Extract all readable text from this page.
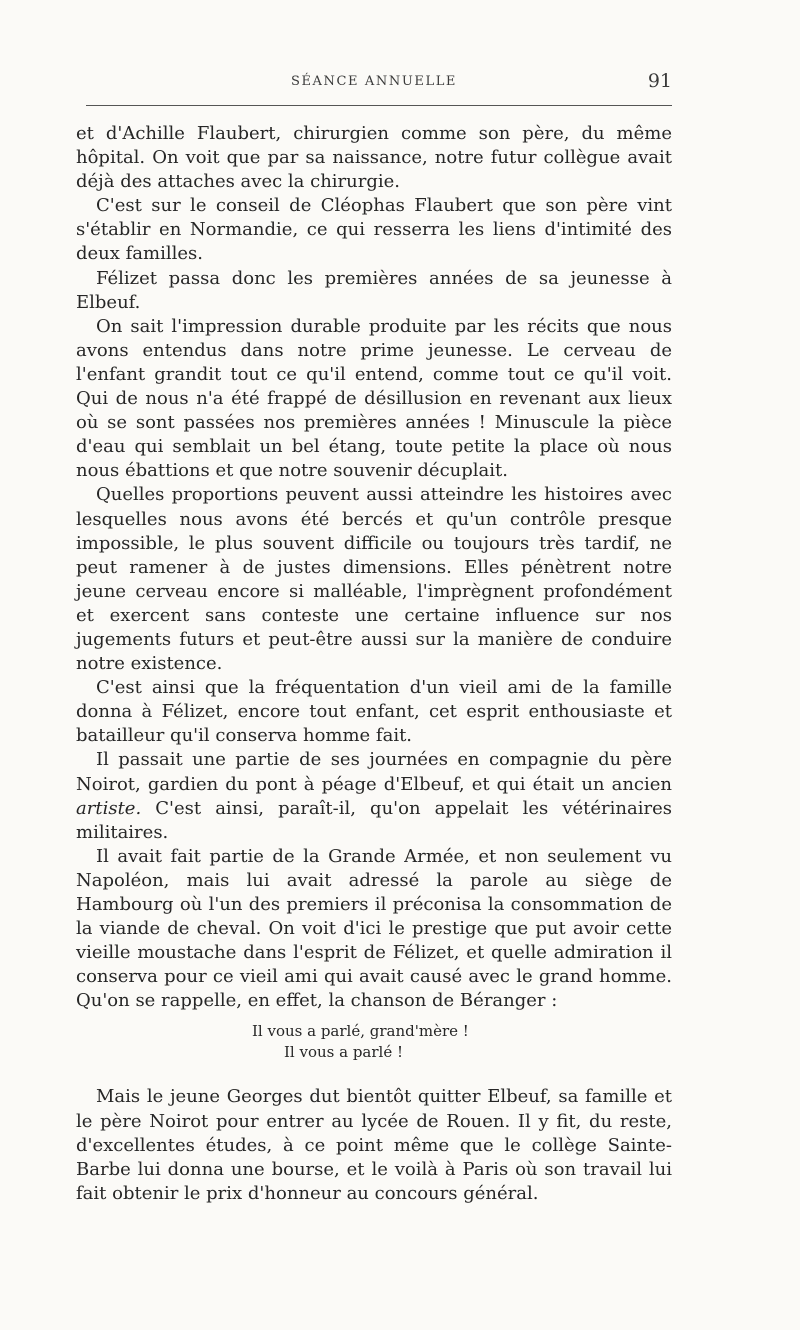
SÉANCE ANNUELLE	91

et d'Achille Flaubert, chirurgien comme son père, du même hôpital. On voit que par sa naissance, notre futur collègue avait déjà des attaches avec la chirurgie.

C'est sur le conseil de Cléophas Flaubert que son père vint s'établir en Normandie, ce qui resserra les liens d'intimité des deux familles.

Félizet passa donc les premières années de sa jeunesse à Elbeuf.

On sait l'impression durable produite par les récits que nous avons entendus dans notre prime jeunesse. Le cerveau de l'enfant grandit tout ce qu'il entend, comme tout ce qu'il voit. Qui de nous n'a été frappé de désillusion en revenant aux lieux où se sont passées nos premières années ! Minuscule la pièce d'eau qui semblait un bel étang, toute petite la place où nous nous ébattions et que notre souvenir décuplait.

Quelles proportions peuvent aussi atteindre les histoires avec lesquelles nous avons été bercés et qu'un contrôle presque impossible, le plus souvent difficile ou toujours très tardif, ne peut ramener à de justes dimensions. Elles pénètrent notre jeune cerveau encore si malléable, l'imprègnent profondément et exercent sans conteste une certaine influence sur nos jugements futurs et peut-être aussi sur la manière de conduire notre existence.

C'est ainsi que la fréquentation d'un vieil ami de la famille donna à Félizet, encore tout enfant, cet esprit enthousiaste et batailleur qu'il conserva homme fait.

Il passait une partie de ses journées en compagnie du père Noirot, gardien du pont à péage d'Elbeuf, et qui était un ancien artiste. C'est ainsi, paraît-il, qu'on appelait les vétérinaires militaires.

Il avait fait partie de la Grande Armée, et non seulement vu Napoléon, mais lui avait adressé la parole au siège de Hambourg où l'un des premiers il préconisa la consommation de la viande de cheval. On voit d'ici le prestige que put avoir cette vieille moustache dans l'esprit de Félizet, et quelle admiration il conserva pour ce vieil ami qui avait causé avec le grand homme. Qu'on se rappelle, en effet, la chanson de Béranger :

Il vous a parlé, grand'mère !
Il vous a parlé !

Mais le jeune Georges dut bientôt quitter Elbeuf, sa famille et le père Noirot pour entrer au lycée de Rouen. Il y fit, du reste, d'excellentes études, à ce point même que le collège Sainte-Barbe lui donna une bourse, et le voilà à Paris où son travail lui fait obtenir le prix d'honneur au concours général.
